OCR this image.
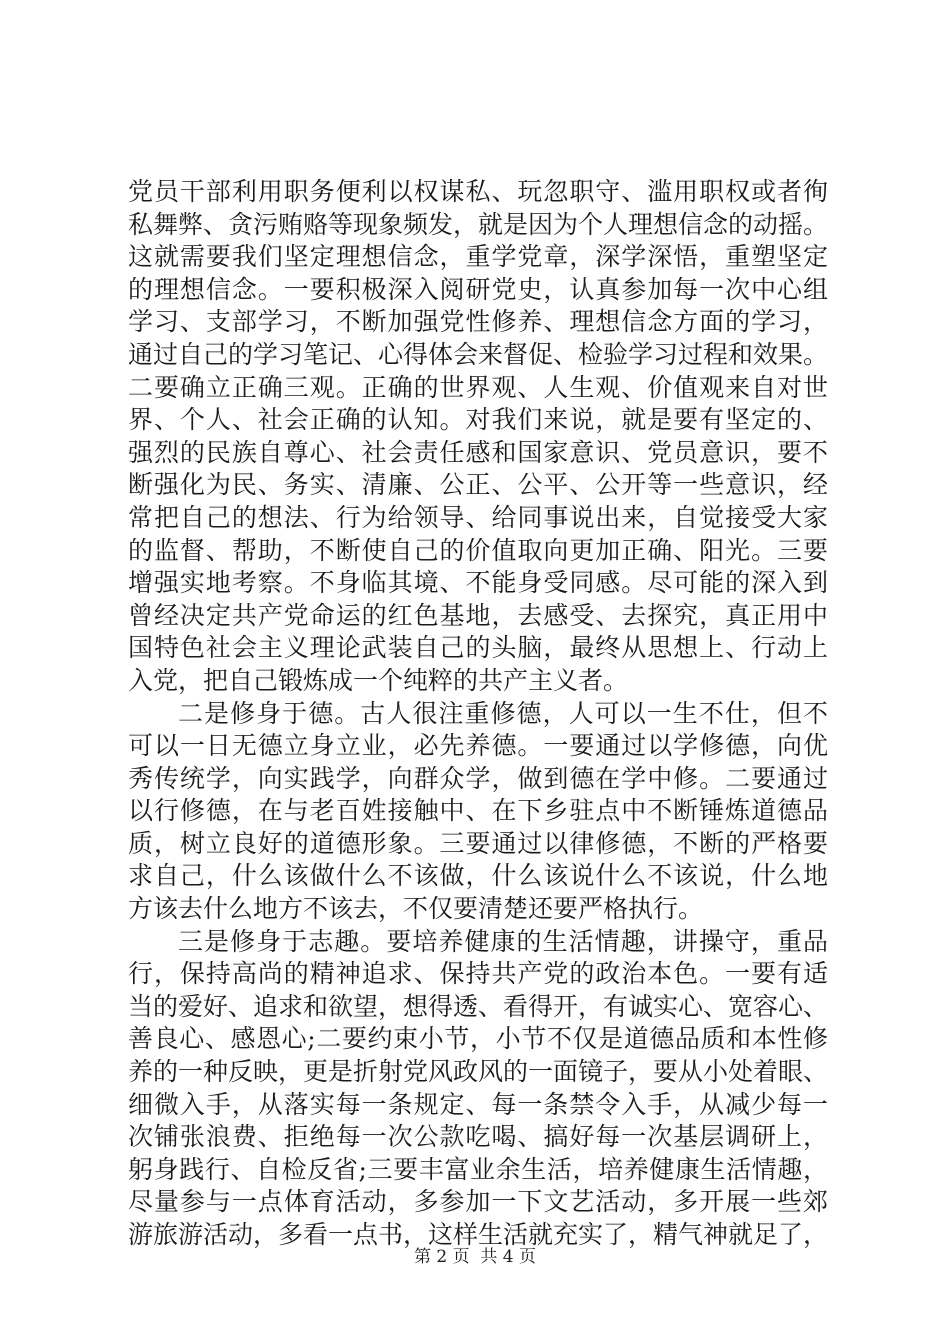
党员干部利用职务便利以权谋私、玩忽职守、滥用职权或者徇
私舞弊、贪污贿赂等现象频发，就是因为个人理想信念的动摇。
这就需要我们坚定理想信念，重学党章，深学深悟，重塑坚定
的理想信念。一要积极深入阅研党史，认真参加每一次中心组
学习、支部学习，不断加强党性修养、理想信念方面的学习，
通过自己的学习笔记、心得体会来督促、检验学习过程和效果。
二要确立正确三观。正确的世界观、人生观、价值观来自对世
界、个人、社会正确的认知。对我们来说，就是要有坚定的、
强烈的民族自尊心、社会责任感和国家意识、党员意识，要不
断强化为民、务实、清廉、公正、公平、公开等一些意识，经
常把自己的想法、行为给领导、给同事说出来，自觉接受大家
的监督、帮助，不断使自己的价值取向更加正确、阳光。三要
增强实地考察。不身临其境、不能身受同感。尽可能的深入到
曾经决定共产党命运的红色基地，去感受、去探究，真正用中
国特色社会主义理论武装自己的头脑，最终从思想上、行动上
入党，把自己锻炼成一个纯粹的共产主义者。
二是修身于德。古人很注重修德，人可以一生不仕，但不
可以一日无德立身立业，必先养德。一要通过以学修德，向优
秀传统学，向实践学，向群众学，做到德在学中修。二要通过
以行修德，在与老百姓接触中、在下乡驻点中不断锤炼道德品
质，树立良好的道德形象。三要通过以律修德，不断的严格要
求自己，什么该做什么不该做，什么该说什么不该说，什么地
方该去什么地方不该去，不仅要清楚还要严格执行。
三是修身于志趣。要培养健康的生活情趣，讲操守，重品
行，保持高尚的精神追求、保持共产党的政治本色。一要有适
当的爱好、追求和欲望，想得透、看得开，有诚实心、宽容心、
善良心、感恩心;二要约束小节，小节不仅是道德品质和本性修
养的一种反映，更是折射党风政风的一面镜子，要从小处着眼、
细微入手，从落实每一条规定、每一条禁令入手，从减少每一
次铺张浪费、拒绝每一次公款吃喝、搞好每一次基层调研上，
躬身践行、自检反省;三要丰富业余生活，培养健康生活情趣，
尽量参与一点体育活动，多参加一下文艺活动，多开展一些郊
游旅游活动，多看一点书，这样生活就充实了，精气神就足了，
第 2 页  共 4 页
